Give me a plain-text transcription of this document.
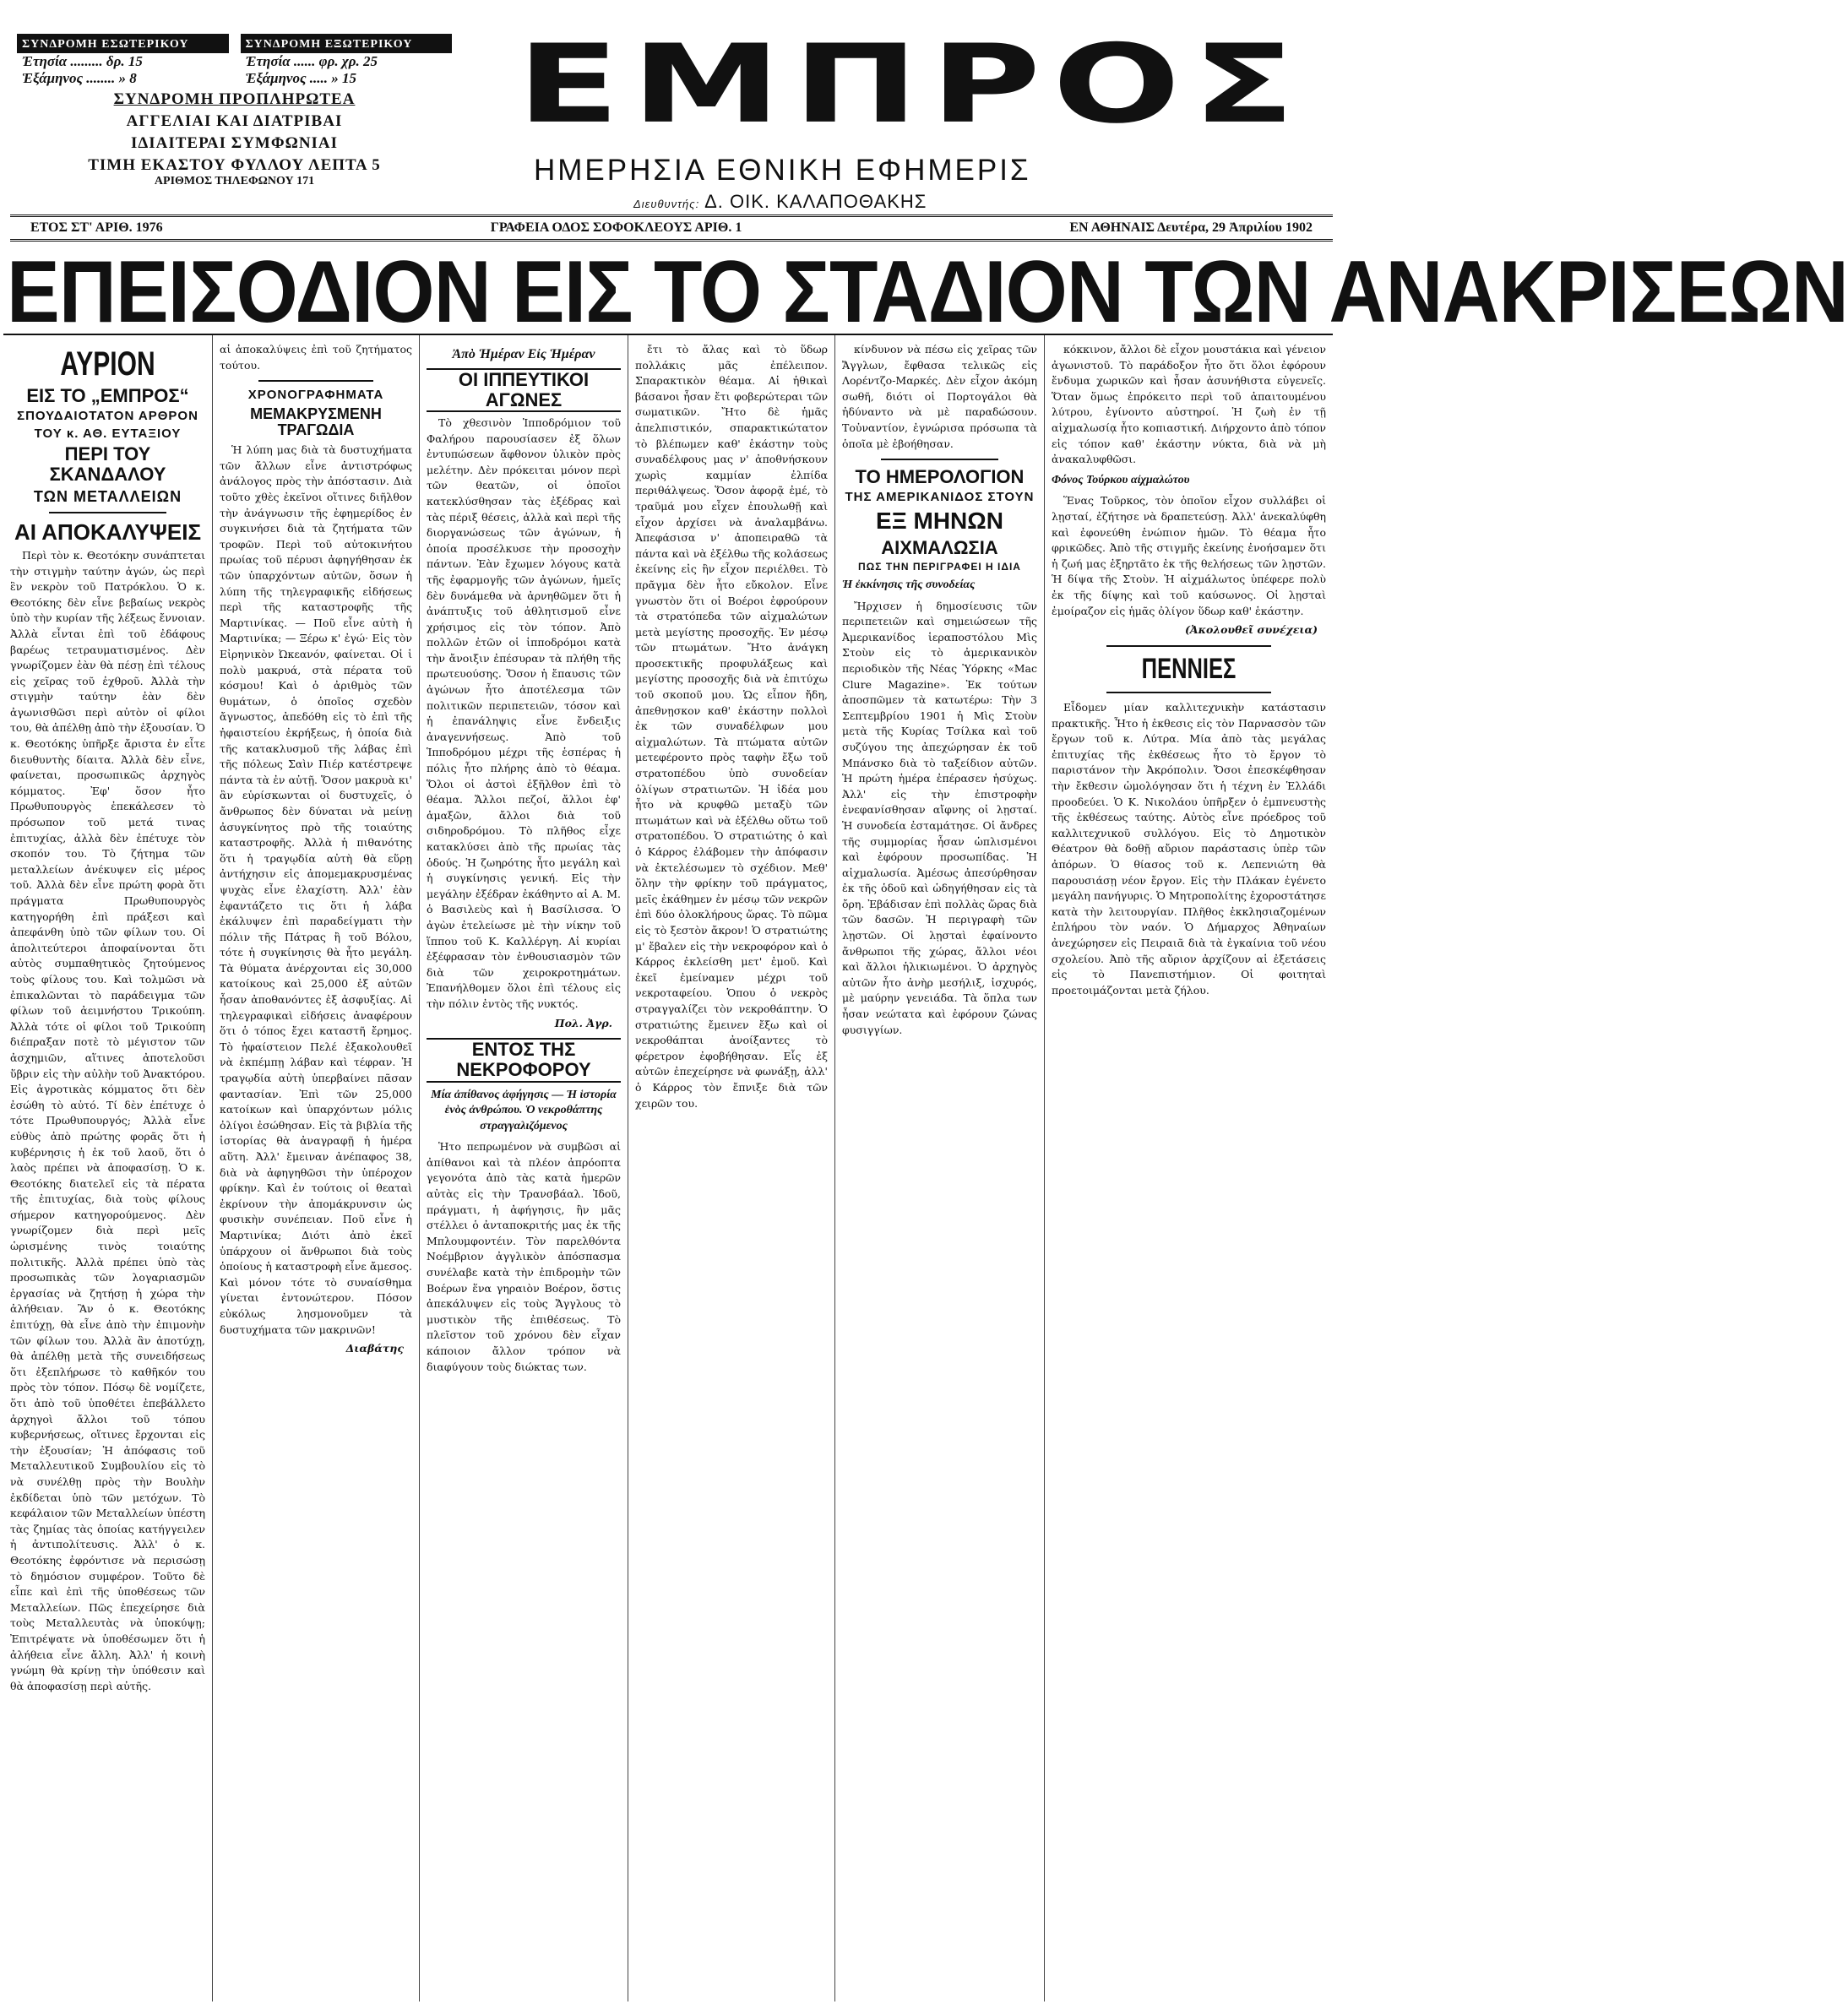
ΣΥΝΔΡΟΜΗ ΕΣΩΤΕΡΙΚΟΥ
Ἐτησία ......... δρ. 15
Ἑξάμηνος ........ » 8
ΣΥΝΔΡΟΜΗ ΕΞΩΤΕΡΙΚΟΥ
Ἐτησία ...... φρ. χρ. 25
Ἑξάμηνος ..... » 15
ΣΥΝΔΡΟΜΗ ΠΡΟΠΛΗΡΩΤΕΑ
ΑΓΓΕΛΙΑΙ ΚΑΙ ΔΙΑΤΡΙΒΑΙ
ΙΔΙΑΙΤΕΡΑΙ ΣΥΜΦΩΝΙΑΙ
ΤΙΜΗ ΕΚΑΣΤΟΥ ΦΥΛΛΟΥ ΛΕΠΤΑ 5
ΑΡΙΘΜΟΣ ΤΗΛΕΦΩΝΟΥ 171
ΕΜΠΡΟΣ
ΗΜΕΡΗΣΙΑ ΕΘΝΙΚΗ ΕΦΗΜΕΡΙΣ
Διευθυντής: Δ. ΟΙΚ. ΚΑΛΑΠΟΘΑΚΗΣ
ΕΤΟΣ ΣΤ' ΑΡΙΘ. 1976	ΓΡΑΦΕΙΑ ΟΔΟΣ ΣΟΦΟΚΛΕΟΥΣ ΑΡΙΘ. 1	ΕΝ ΑΘΗΝΑΙΣ Δευτέρα, 29 Ἀπριλίου 1902
ΕΠΕΙΣΟΔΙΟΝ ΕΙΣ ΤΟ ΣΤΑΔΙΟΝ ΤΩΝ ΑΝΑΚΡΙΣΕΩΝ
ΑΥΡΙΟΝ
ΕΙΣ ΤΟ „ΕΜΠΡΟΣ“
ΣΠΟΥΔΑΙΟΤΑΤΟΝ ΑΡΘΡΟΝ
ΤΟΥ κ. ΑΘ. ΕΥΤΑΞΙΟΥ
ΠΕΡΙ ΤΟΥ ΣΚΑΝΔΑΛΟΥ
ΤΩΝ ΜΕΤΑΛΛΕΙΩΝ
ΑΙ ΑΠΟΚΑΛΥΨΕΙΣ

Περὶ τὸν κ. Θεοτόκην συνάπτεται τὴν στιγμὴν ταύτην ἀγών, ὡς περὶ ἓν νεκρὸν τοῦ Πατρόκλου. Ὁ κ. Θεοτόκης δὲν εἶνε βεβαίως νεκρὸς ὑπὸ τὴν κυρίαν τῆς λέξεως ἔννοιαν. Ἀλλὰ εἶνται ἐπὶ τοῦ ἐδάφους βαρέως τετραυματισμένος. Δὲν γνωρίζομεν ἐὰν θὰ πέσῃ ἐπὶ τέλους εἰς χεῖρας τοῦ ἐχθροῦ. Ἀλλὰ τὴν στιγμὴν ταύτην ἐὰν δὲν ἀγωνισθῶσι περὶ αὐτὸν οἱ φίλοι του, θὰ ἀπέλθῃ ἀπὸ τὴν ἐξουσίαν. Ὁ κ. Θεοτόκης ὑπῆρξε ἄριστα ἐν εἶτε διευθυντὴς δίαιτα. Ἀλλὰ δὲν εἶνε, φαίνεται, προσωπικῶς ἀρχηγὸς κόμματος. Ἐφ' ὅσον ἦτο Πρωθυπουργὸς ἐπεκάλεσεν τὸ πρόσωπον τοῦ μετά τινας ἐπιτυχίας, ἀλλὰ δὲν ἐπέτυχε τὸν σκοπόν του. Τὸ ζήτημα τῶν μεταλλείων ἀνέκυψεν εἰς μέρος τοῦ. Ἀλλὰ δὲν εἶνε πρώτη φορὰ ὅτι πράγματα Πρωθυπουργὸς κατηγορήθη ἐπὶ πράξεσι καὶ ἀπεφάνθη ὑπὸ τῶν φίλων του. Οἱ ἀπολιτεύτεροι ἀποφαίνονται ὅτι αὐτὸς συμπαθητικὸς ζητούμενος τοὺς φίλους του. Καὶ τολμῶσι νὰ ἐπικαλῶνται τὸ παράδειγμα τῶν φίλων τοῦ ἀειμνήστου Τρικούπη. Ἀλλὰ τότε οἱ φίλοι τοῦ Τρικούπη διέπραξαν ποτὲ τὸ μέγιστον τῶν ἀσχημιῶν, αἵτινες ἀποτελοῦσι ὕβριν εἰς τὴν αὐλὴν τοῦ Ἀνακτόρου. Εἰς ἀγροτικὰς κόμματος ὅτι δὲν ἐσώθη τὸ αὐτό. Τί δὲν ἐπέτυχε ὁ τότε Πρωθυπουργός; Ἀλλὰ εἶνε εὐθὺς ἀπὸ πρώτης φορᾶς ὅτι ἡ κυβέρνησις ἡ ἐκ τοῦ λαοῦ, ὅτι ὁ λαὸς πρέπει νὰ ἀποφασίσῃ. Ὁ κ. Θεοτόκης διατελεῖ εἰς τὰ πέρατα τῆς ἐπιτυχίας, διὰ τοὺς φίλους σήμερον κατηγορούμενος. Δὲν γνωρίζομεν διὰ περὶ μεῖς ὡρισμένης τινὸς τοιαύτης πολιτικῆς. Ἀλλὰ πρέπει ὑπὸ τὰς προσωπικὰς τῶν λογαριασμῶν ἐργασίας νὰ ζητήσῃ ἡ χώρα τὴν ἀλήθειαν. Ἂν ὁ κ. Θεοτόκης ἐπιτύχῃ, θὰ εἶνε ἀπὸ τὴν ἐπιμονὴν τῶν φίλων του. Ἀλλὰ ἂν ἀποτύχῃ, θὰ ἀπέλθῃ μετὰ τῆς συνειδήσεως ὅτι ἐξεπλήρωσε τὸ καθῆκόν του πρὸς τὸν τόπον. Πόσῳ δὲ νομίζετε, ὅτι ἀπὸ τοῦ ὑποθέτει ἐπεβάλλετο ἀρχηγοὶ ἄλλοι τοῦ τόπου κυβερνήσεως, οἵτινες ἔρχονται εἰς τὴν ἐξουσίαν; Ἡ ἀπόφασις τοῦ Μεταλλευτικοῦ Συμβουλίου εἰς τὸ νὰ συνέλθῃ πρὸς τὴν Βουλὴν ἐκδίδεται ὑπὸ τῶν μετόχων. Τὸ κεφάλαιον τῶν Μεταλλείων ὑπέστη τὰς ζημίας τὰς ὁποίας κατήγγειλεν ἡ ἀντιπολίτευσις. Ἀλλ' ὁ κ. Θεοτόκης ἐφρόντισε νὰ περισώσῃ τὸ δημόσιον συμφέρον. Τοῦτο δὲ εἶπε καὶ ἐπὶ τῆς ὑποθέσεως τῶν Μεταλλείων. Πῶς ἐπεχείρησε διὰ τοὺς Μεταλλευτὰς νὰ ὑποκύψῃ; Ἐπιτρέψατε νὰ ὑποθέσωμεν ὅτι ἡ ἀλήθεια εἶνε ἄλλη. Ἀλλ' ἡ κοινὴ γνώμη θὰ κρίνῃ τὴν ὑπόθεσιν καὶ θὰ ἀποφασίσῃ περὶ αὐτῆς.

αἱ ἀποκαλύψεις ἐπὶ τοῦ ζητήματος τούτου.

ΧΡΟΝΟΓΡΑΦΗΜΑΤΑ
ΜΕΜΑΚΡΥΣΜΕΝΗ ΤΡΑΓΩΔΙΑ

Ἡ λύπη μας διὰ τὰ δυστυχήματα τῶν ἄλλων εἶνε ἀντιστρόφως ἀνάλογος πρὸς τὴν ἀπόστασιν. Διὰ τοῦτο χθὲς ἐκεῖνοι οἵτινες διῆλθον τὴν ἀνάγνωσιν τῆς ἐφημερίδος ἐν συγκινήσει διὰ τὰ ζητήματα τῶν τροφῶν. Περὶ τοῦ αὐτοκινήτου πρωίας τοῦ πέρυσι ἀφηγήθησαν ἐκ τῶν ὑπαρχόντων αὐτῶν, ὅσων ἡ λύπη τῆς τηλεγραφικῆς εἰδήσεως περὶ τῆς καταστροφῆς τῆς Μαρτινίκας. — Ποῦ εἶνε αὐτὴ ἡ Μαρτινίκα; — Ξέρω κ' ἐγώ· Εἰς τὸν Εἰρηνικὸν Ὠκεανόν, φαίνεται. Οἱ ἱ πολὺ μακρυά, στὰ πέρατα τοῦ κόσμου! Καὶ ὁ ἀριθμὸς τῶν θυμάτων, ὁ ὁποῖος σχεδὸν ἄγνωστος, ἀπεδόθη εἰς τὸ ἐπὶ τῆς ἠφαιστείου ἐκρήξεως, ἡ ὁποία διὰ τῆς κατακλυσμοῦ τῆς λάβας ἐπὶ τῆς πόλεως Σαὶν Πιέρ κατέστρεψε πάντα τὰ ἐν αὐτῇ. Ὅσον μακρυὰ κι' ἂν εὑρίσκωνται οἱ δυστυχεῖς, ὁ ἄνθρωπος δὲν δύναται νὰ μείνῃ ἀσυγκίνητος πρὸ τῆς τοιαύτης καταστροφῆς. Ἀλλὰ ἡ πιθανότης ὅτι ἡ τραγῳδία αὐτὴ θὰ εὕρῃ ἀντήχησιν εἰς ἀπομεμακρυσμένας ψυχὰς εἶνε ἐλαχίστη. Ἀλλ' ἐὰν ἐφαντάζετο τις ὅτι ἡ λάβα ἐκάλυψεν ἐπὶ παραδείγματι τὴν πόλιν τῆς Πάτρας ἢ τοῦ Βόλου, τότε ἡ συγκίνησις θὰ ἦτο μεγάλη. Τὰ θύματα ἀνέρχονται εἰς 30,000 κατοίκους καὶ 25,000 ἐξ αὐτῶν ἦσαν ἀποθανόντες ἐξ ἀσφυξίας. Αἱ τηλεγραφικαὶ εἰδήσεις ἀναφέρουν ὅτι ὁ τόπος ἔχει καταστῆ ἔρημος. Τὸ ἡφαίστειον Πελέ ἐξακολουθεῖ νὰ ἐκπέμπῃ λάβαν καὶ τέφραν. Ἡ τραγῳδία αὐτὴ ὑπερβαίνει πᾶσαν φαντασίαν. Ἐπὶ τῶν 25,000 κατοίκων καὶ ὑπαρχόντων μόλις ὀλίγοι ἐσώθησαν. Εἰς τὰ βιβλία τῆς ἱστορίας θὰ ἀναγραφῇ ἡ ἡμέρα αὕτη. Ἀλλ' ἔμειναν ἀνέπαφος 38, διὰ νὰ ἀφηγηθῶσι τὴν ὑπέροχον φρίκην. Καὶ ἐν τούτοις οἱ θεαταὶ ἐκρίνουν τὴν ἀπομάκρυνσιν ὡς φυσικὴν συνέπειαν. Ποῦ εἶνε ἡ Μαρτινίκα; Διότι ἀπὸ ἐκεῖ ὑπάρχουν οἱ ἄνθρωποι διὰ τοὺς ὁποίους ἡ καταστροφὴ εἶνε ἄμεσος. Καὶ μόνον τότε τὸ συναίσθημα γίνεται ἐντονώτερον. Πόσον εὐκόλως λησμονοῦμεν τὰ δυστυχήματα τῶν μακρινῶν!

Διαβάτης
Ἀπὸ Ἡμέραν Εἰς Ἡμέραν
ΟΙ ΙΠΠΕΥΤΙΚΟΙ ΑΓΩΝΕΣ

Τὸ χθεσινὸν Ἱπποδρόμιον τοῦ Φαλήρου παρουσίασεν ἐξ ὅλων ἐντυπώσεων ἄφθονον ὑλικὸν πρὸς μελέτην. Δὲν πρόκειται μόνον περὶ τῶν θεατῶν, οἱ ὁποῖοι κατεκλύσθησαν τὰς ἐξέδρας καὶ τὰς πέριξ θέσεις, ἀλλὰ καὶ περὶ τῆς διοργανώσεως τῶν ἀγώνων, ἡ ὁποία προσέλκυσε τὴν προσοχὴν πάντων. Ἐὰν ἔχωμεν λόγους κατὰ τῆς ἐφαρμογῆς τῶν ἀγώνων, ἡμεῖς δὲν δυνάμεθα νὰ ἀρνηθῶμεν ὅτι ἡ ἀνάπτυξις τοῦ ἀθλητισμοῦ εἶνε χρήσιμος εἰς τὸν τόπον. Ἀπὸ πολλῶν ἐτῶν οἱ ἱπποδρόμοι κατὰ τὴν ἄνοιξιν ἐπέσυραν τὰ πλήθη τῆς πρωτευούσης. Ὅσον ἡ ἔπαυσις τῶν ἀγώνων ἦτο ἀποτέλεσμα τῶν πολιτικῶν περιπετειῶν, τόσον καὶ ἡ ἐπανάληψις εἶνε ἔνδειξις ἀναγεννήσεως. Ἀπὸ τοῦ Ἱπποδρόμου μέχρι τῆς ἑσπέρας ἡ πόλις ἦτο πλήρης ἀπὸ τὸ θέαμα. Ὅλοι οἱ ἀστοὶ ἐξῆλθον ἐπὶ τὸ θέαμα. Ἄλλοι πεζοί, ἄλλοι ἐφ' ἁμαξῶν, ἄλλοι διὰ τοῦ σιδηροδρόμου. Τὸ πλῆθος εἶχε κατακλύσει ἀπὸ τῆς πρωίας τὰς ὁδούς. Ἡ ζωηρότης ἦτο μεγάλη καὶ ἡ συγκίνησις γενική. Εἰς τὴν μεγάλην ἐξέδραν ἐκάθηντο αἱ Α. Μ. ὁ Βασιλεὺς καὶ ἡ Βασίλισσα. Ὁ ἀγὼν ἐτελείωσε μὲ τὴν νίκην τοῦ ἵππου τοῦ Κ. Καλλέργη. Αἱ κυρίαι ἐξέφρασαν τὸν ἐνθουσιασμὸν τῶν διὰ τῶν χειροκροτημάτων. Ἐπανήλθομεν ὅλοι ἐπὶ τέλους εἰς τὴν πόλιν ἐντὸς τῆς νυκτός.

Πολ. Ἀγρ.
ΕΝΤΟΣ ΤΗΣ ΝΕΚΡΟΦΟΡΟΥ
Μία ἀπίθανος ἀφήγησις — Ἡ ἱστορία ἑνὸς ἀνθρώπου. Ὁ νεκροθάπτης στραγγαλιζόμενος

Ἡτο πεπρωμένον νὰ συμβῶσι αἱ ἀπίθανοι καὶ τὰ πλέον ἀπρόοπτα γεγονότα ἀπὸ τὰς κατὰ ἡμερῶν αὐτὰς εἰς τὴν Τρανσβάαλ. Ἰδοῦ, πράγματι, ἡ ἀφήγησις, ἣν μᾶς στέλλει ὁ ἀνταποκριτής μας ἐκ τῆς Μπλουμφοντέιν. Τὸν παρελθόντα Νοέμβριον ἀγγλικὸν ἀπόσπασμα συνέλαβε κατὰ τὴν ἐπιδρομὴν τῶν Βοέρων ἕνα γηραιὸν Βοέρον, ὅστις ἀπεκάλυψεν εἰς τοὺς Ἄγγλους τὸ μυστικὸν τῆς ἐπιθέσεως. Τὸ πλεῖστον τοῦ χρόνου δὲν εἶχαν κάποιον ἄλλον τρόπον νὰ διαφύγουν τοὺς διώκτας των.

ἔτι τὸ ἄλας καὶ τὸ ὕδωρ πολλάκις μᾶς ἐπέλειπον. Σπαρακτικὸν θέαμα. Αἱ ἡθικαὶ βάσανοι ἦσαν ἔτι φοβερώτεραι τῶν σωματικῶν. Ἤτο δὲ ἡμᾶς ἀπελπιστικόν, σπαρακτικώτατον τὸ βλέπωμεν καθ' ἑκάστην τοὺς συναδέλφους μας ν' ἀποθνήσκουν χωρὶς καμμίαν ἐλπίδα περιθάλψεως. Ὅσον ἀφορᾷ ἐμέ, τὸ τραῦμά μου εἶχεν ἐπουλωθῇ καὶ εἶχον ἀρχίσει νὰ ἀναλαμβάνω. Ἀπεφάσισα ν' ἀποπειραθῶ τὰ πάντα καὶ νὰ ἐξέλθω τῆς κολάσεως ἐκείνης εἰς ἣν εἶχον περιέλθει. Τὸ πρᾶγμα δὲν ἦτο εὔκολον. Εἶνε γνωστὸν ὅτι οἱ Βοέροι ἐφρούρουν τὰ στρατόπεδα τῶν αἰχμαλώτων μετὰ μεγίστης προσοχῆς. Ἐν μέσῳ τῶν πτωμάτων. Ἤτο ἀνάγκη προσεκτικῆς προφυλάξεως καὶ μεγίστης προσοχῆς διὰ νὰ ἐπιτύχω τοῦ σκοποῦ μου. Ὡς εἶπον ἤδη, ἀπεθνῃσκον καθ' ἑκάστην πολλοὶ ἐκ τῶν συναδέλφων μου αἰχμαλώτων. Τὰ πτώματα αὐτῶν μετεφέροντο πρὸς ταφὴν ἔξω τοῦ στρατοπέδου ὑπὸ συνοδείαν ὀλίγων στρατιωτῶν. Ἡ ἰδέα μου ἦτο νὰ κρυφθῶ μεταξὺ τῶν πτωμάτων καὶ νὰ ἐξέλθω οὕτω τοῦ στρατοπέδου. Ὁ στρατιώτης ὁ καὶ ὁ Κάρρος ἐλάβομεν τὴν ἀπόφασιν νὰ ἐκτελέσωμεν τὸ σχέδιον. Μεθ' ὅλην τὴν φρίκην τοῦ πράγματος, μεῖς ἐκάθημεν ἐν μέσῳ τῶν νεκρῶν ἐπὶ δύο ὁλοκλήρους ὥρας. Τὸ πῶμα εἰς τὸ ξεστὸν ἄκρον! Ὁ στρατιώτης μ' ἔβαλεν εἰς τὴν νεκροφόρον καὶ ὁ Κάρρος ἐκλείσθη μετ' ἐμοῦ. Καὶ ἐκεῖ ἐμείναμεν μέχρι τοῦ νεκροταφείου. Ὁπου ὁ νεκρὸς στραγγαλίζει τὸν νεκροθάπτην. Ὁ στρατιώτης ἔμεινεν ἔξω καὶ οἱ νεκροθάπται ἀνοίξαντες τὸ φέρετρον ἐφοβήθησαν. Εἷς ἐξ αὐτῶν ἐπεχείρησε νὰ φωνάξῃ, ἀλλ' ὁ Κάρρος τὸν ἔπνιξε διὰ τῶν χειρῶν του.

κίνδυνον νὰ πέσω εἰς χεῖρας τῶν Ἄγγλων, ἔφθασα τελικῶς εἰς Λορέντζο-Μαρκές. Δὲν εἶχον ἀκόμη σωθῆ, διότι οἱ Πορτογάλοι θὰ ἠδύναντο νὰ μὲ παραδώσουν. Τοὐναντίον, ἐγνώρισα πρόσωπα τὰ ὁποῖα μὲ ἐβοήθησαν.

ΤΟ ΗΜΕΡΟΛΟΓΙΟΝ
ΤΗΣ ΑΜΕΡΙΚΑΝΙΔΟΣ ΣΤΟΥΝ
ΕΞ ΜΗΝΩΝ
ΑΙΧΜΑΛΩΣΙΑ
ΠΩΣ ΤΗΝ ΠΕΡΙΓΡΑΦΕΙ Η ΙΔΙΑ
Ἡ ἐκκίνησις τῆς συνοδείας

Ἤρχισεν ἡ δημοσίευσις τῶν περιπετειῶν καὶ σημειώσεων τῆς Ἀμερικανίδος ἱεραποστόλου Μὶς Στοὺν εἰς τὸ ἀμερικανικὸν περιοδικὸν τῆς Νέας Ὑόρκης «Mac Clure Magazine». Ἐκ τούτων ἀποσπῶμεν τὰ κατωτέρω: Τὴν 3 Σεπτεμβρίου 1901 ἡ Μὶς Στοὺν μετὰ τῆς Κυρίας Τσίλκα καὶ τοῦ συζύγου της ἀπεχώρησαν ἐκ τοῦ Μπάνσκο διὰ τὸ ταξείδιον αὐτῶν. Ἡ πρώτη ἡμέρα ἐπέρασεν ἡσύχως. Ἀλλ' εἰς τὴν ἐπιστροφὴν ἐνεφανίσθησαν αἴφνης οἱ λῃσταί. Ἡ συνοδεία ἐσταμάτησε. Οἱ ἄνδρες τῆς συμμορίας ἦσαν ὡπλισμένοι καὶ ἐφόρουν προσωπίδας. Ἡ αἰχμαλωσία. Ἀμέσως ἀπεσύρθησαν ἐκ τῆς ὁδοῦ καὶ ὡδηγήθησαν εἰς τὰ ὄρη. Ἐβάδισαν ἐπὶ πολλὰς ὥρας διὰ τῶν δασῶν. Ἡ περιγραφὴ τῶν λῃστῶν. Οἱ λῃσταὶ ἐφαίνοντο ἄνθρωποι τῆς χώρας, ἄλλοι νέοι καὶ ἄλλοι ἡλικιωμένοι. Ὁ ἀρχηγὸς αὐτῶν ἦτο ἀνὴρ μεσήλιξ, ἰσχυρός, μὲ μαύρην γενειάδα. Τὰ ὅπλα των ἦσαν νεώτατα καὶ ἐφόρουν ζώνας φυσιγγίων.

κόκκινον, ἄλλοι δὲ εἶχον μουστάκια καὶ γένειον ἀγωνιστοῦ. Τὸ παράδοξον ἦτο ὅτι ὅλοι ἐφόρουν ἔνδυμα χωρικῶν καὶ ἦσαν ἀσυνήθιστα εὐγενεῖς. Ὅταν ὅμως ἐπρόκειτο περὶ τοῦ ἀπαιτουμένου λύτρου, ἐγίνοντο αὐστηροί. Ἡ ζωὴ ἐν τῇ αἰχμαλωσίᾳ ἦτο κοπιαστική. Διήρχοντο ἀπὸ τόπον εἰς τόπον καθ' ἑκάστην νύκτα, διὰ νὰ μὴ ἀνακαλυφθῶσι.

Φόνος Τούρκου αἰχμαλώτου

Ἕνας Τοῦρκος, τὸν ὁποῖον εἶχον συλλάβει οἱ λῃσταί, ἐζήτησε νὰ δραπετεύσῃ. Ἀλλ' ἀνεκαλύφθη καὶ ἐφονεύθη ἐνώπιον ἡμῶν. Τὸ θέαμα ἦτο φρικῶδες. Ἀπὸ τῆς στιγμῆς ἐκείνης ἐνοήσαμεν ὅτι ἡ ζωή μας ἐξηρτᾶτο ἐκ τῆς θελήσεως τῶν λῃστῶν. Ἡ δίψα τῆς Στοὺν. Ἡ αἰχμάλωτος ὑπέφερε πολὺ ἐκ τῆς δίψης καὶ τοῦ καύσωνος. Οἱ λῃσταὶ ἐμοίραζον εἰς ἡμᾶς ὀλίγον ὕδωρ καθ' ἑκάστην.

(Ἀκολουθεῖ συνέχεια)
ΠΕΝΝΙΕΣ

Εἶδομεν μίαν καλλιτεχνικὴν κατάστασιν πρακτικῆς. Ἦτο ἡ ἐκθεσις εἰς τὸν Παρνασσὸν τῶν ἔργων τοῦ κ. Λύτρα. Μία ἀπὸ τὰς μεγάλας ἐπιτυχίας τῆς ἐκθέσεως ἦτο τὸ ἔργον τὸ παριστάνον τὴν Ἀκρόπολιν. Ὅσοι ἐπεσκέφθησαν τὴν ἔκθεσιν ὡμολόγησαν ὅτι ἡ τέχνη ἐν Ἑλλάδι προοδεύει. Ὁ Κ. Νικολάου ὑπῆρξεν ὁ ἐμπνευστὴς τῆς ἐκθέσεως ταύτης. Αὐτὸς εἶνε πρόεδρος τοῦ καλλιτεχνικοῦ συλλόγου. Εἰς τὸ Δημοτικὸν Θέατρον θὰ δοθῇ αὔριον παράστασις ὑπὲρ τῶν ἀπόρων. Ὁ θίασος τοῦ κ. Λεπενιώτη θὰ παρουσιάσῃ νέον ἔργον. Εἰς τὴν Πλάκαν ἐγένετο μεγάλη πανήγυρις. Ὁ Μητροπολίτης ἐχοροστάτησε κατὰ τὴν λειτουργίαν. Πλῆθος ἐκκλησιαζομένων ἐπλήρου τὸν ναόν. Ὁ Δήμαρχος Ἀθηναίων ἀνεχώρησεν εἰς Πειραιᾶ διὰ τὰ ἐγκαίνια τοῦ νέου σχολείου. Ἀπὸ τῆς αὔριον ἀρχίζουν αἱ ἐξετάσεις εἰς τὸ Πανεπιστήμιον. Οἱ φοιτηταὶ προετοιμάζονται μετὰ ζήλου.
